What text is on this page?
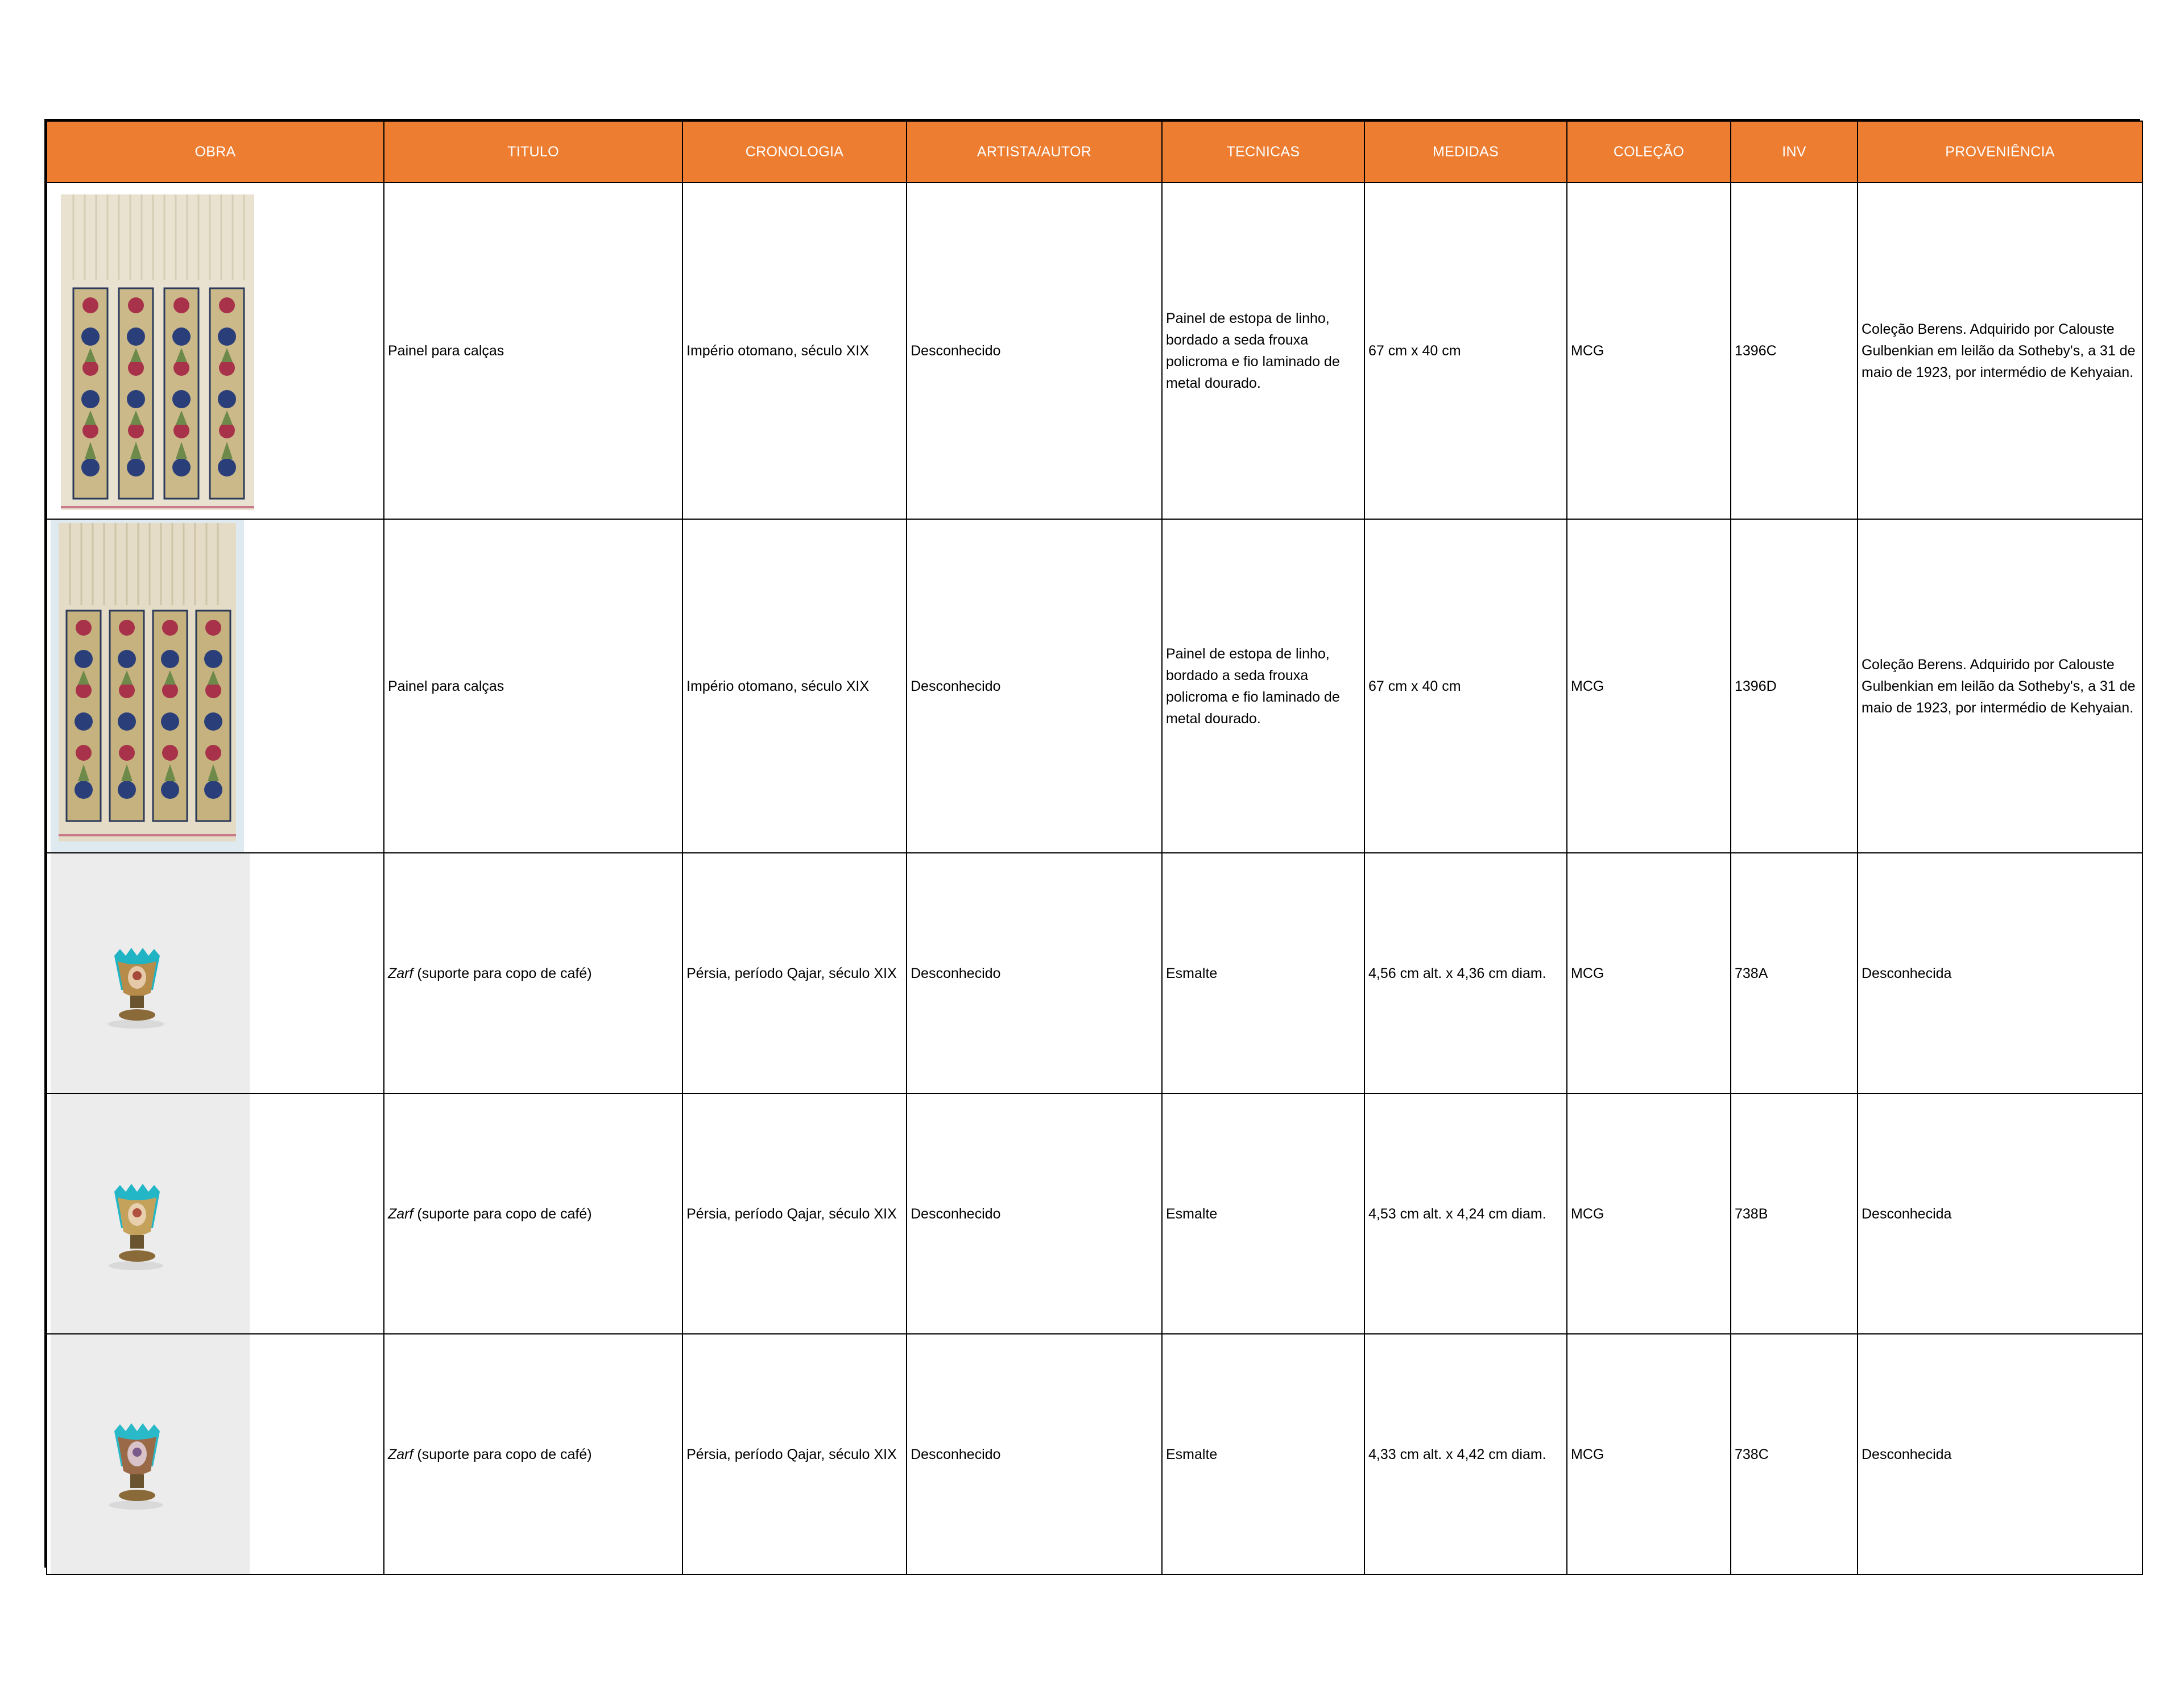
OBRA	TITULO	CRONOLOGIA	ARTISTA/AUTOR	TECNICAS	MEDIDAS	COLEÇÃO	INV	PROVENIÊNCIA

	Painel para calças	Império otomano, século XIX	Desconhecido	Painel de estopa de linho, bordado a seda frouxa policroma e fio laminado de metal dourado.	67 cm x 40 cm	MCG	1396C	Coleção Berens. Adquirido por Calouste Gulbenkian em leilão da Sotheby's, a 31 de maio de 1923, por intermédio de Kehyaian.

	Painel para calças	Império otomano, século XIX	Desconhecido	Painel de estopa de linho, bordado a seda frouxa policroma e fio laminado de metal dourado.	67 cm x 40 cm	MCG	1396D	Coleção Berens. Adquirido por Calouste Gulbenkian em leilão da Sotheby's, a 31 de maio de 1923, por intermédio de Kehyaian.

	Zarf (suporte para copo de café)	Pérsia, período Qajar, século XIX	Desconhecido	Esmalte	4,56 cm alt. x 4,36 cm diam.	MCG	738A	Desconhecida

	Zarf (suporte para copo de café)	Pérsia, período Qajar, século XIX	Desconhecido	Esmalte	4,53 cm alt. x 4,24 cm diam.	MCG	738B	Desconhecida

	Zarf (suporte para copo de café)	Pérsia, período Qajar, século XIX	Desconhecido	Esmalte	4,33 cm alt. x 4,42 cm diam.	MCG	738C	Desconhecida
